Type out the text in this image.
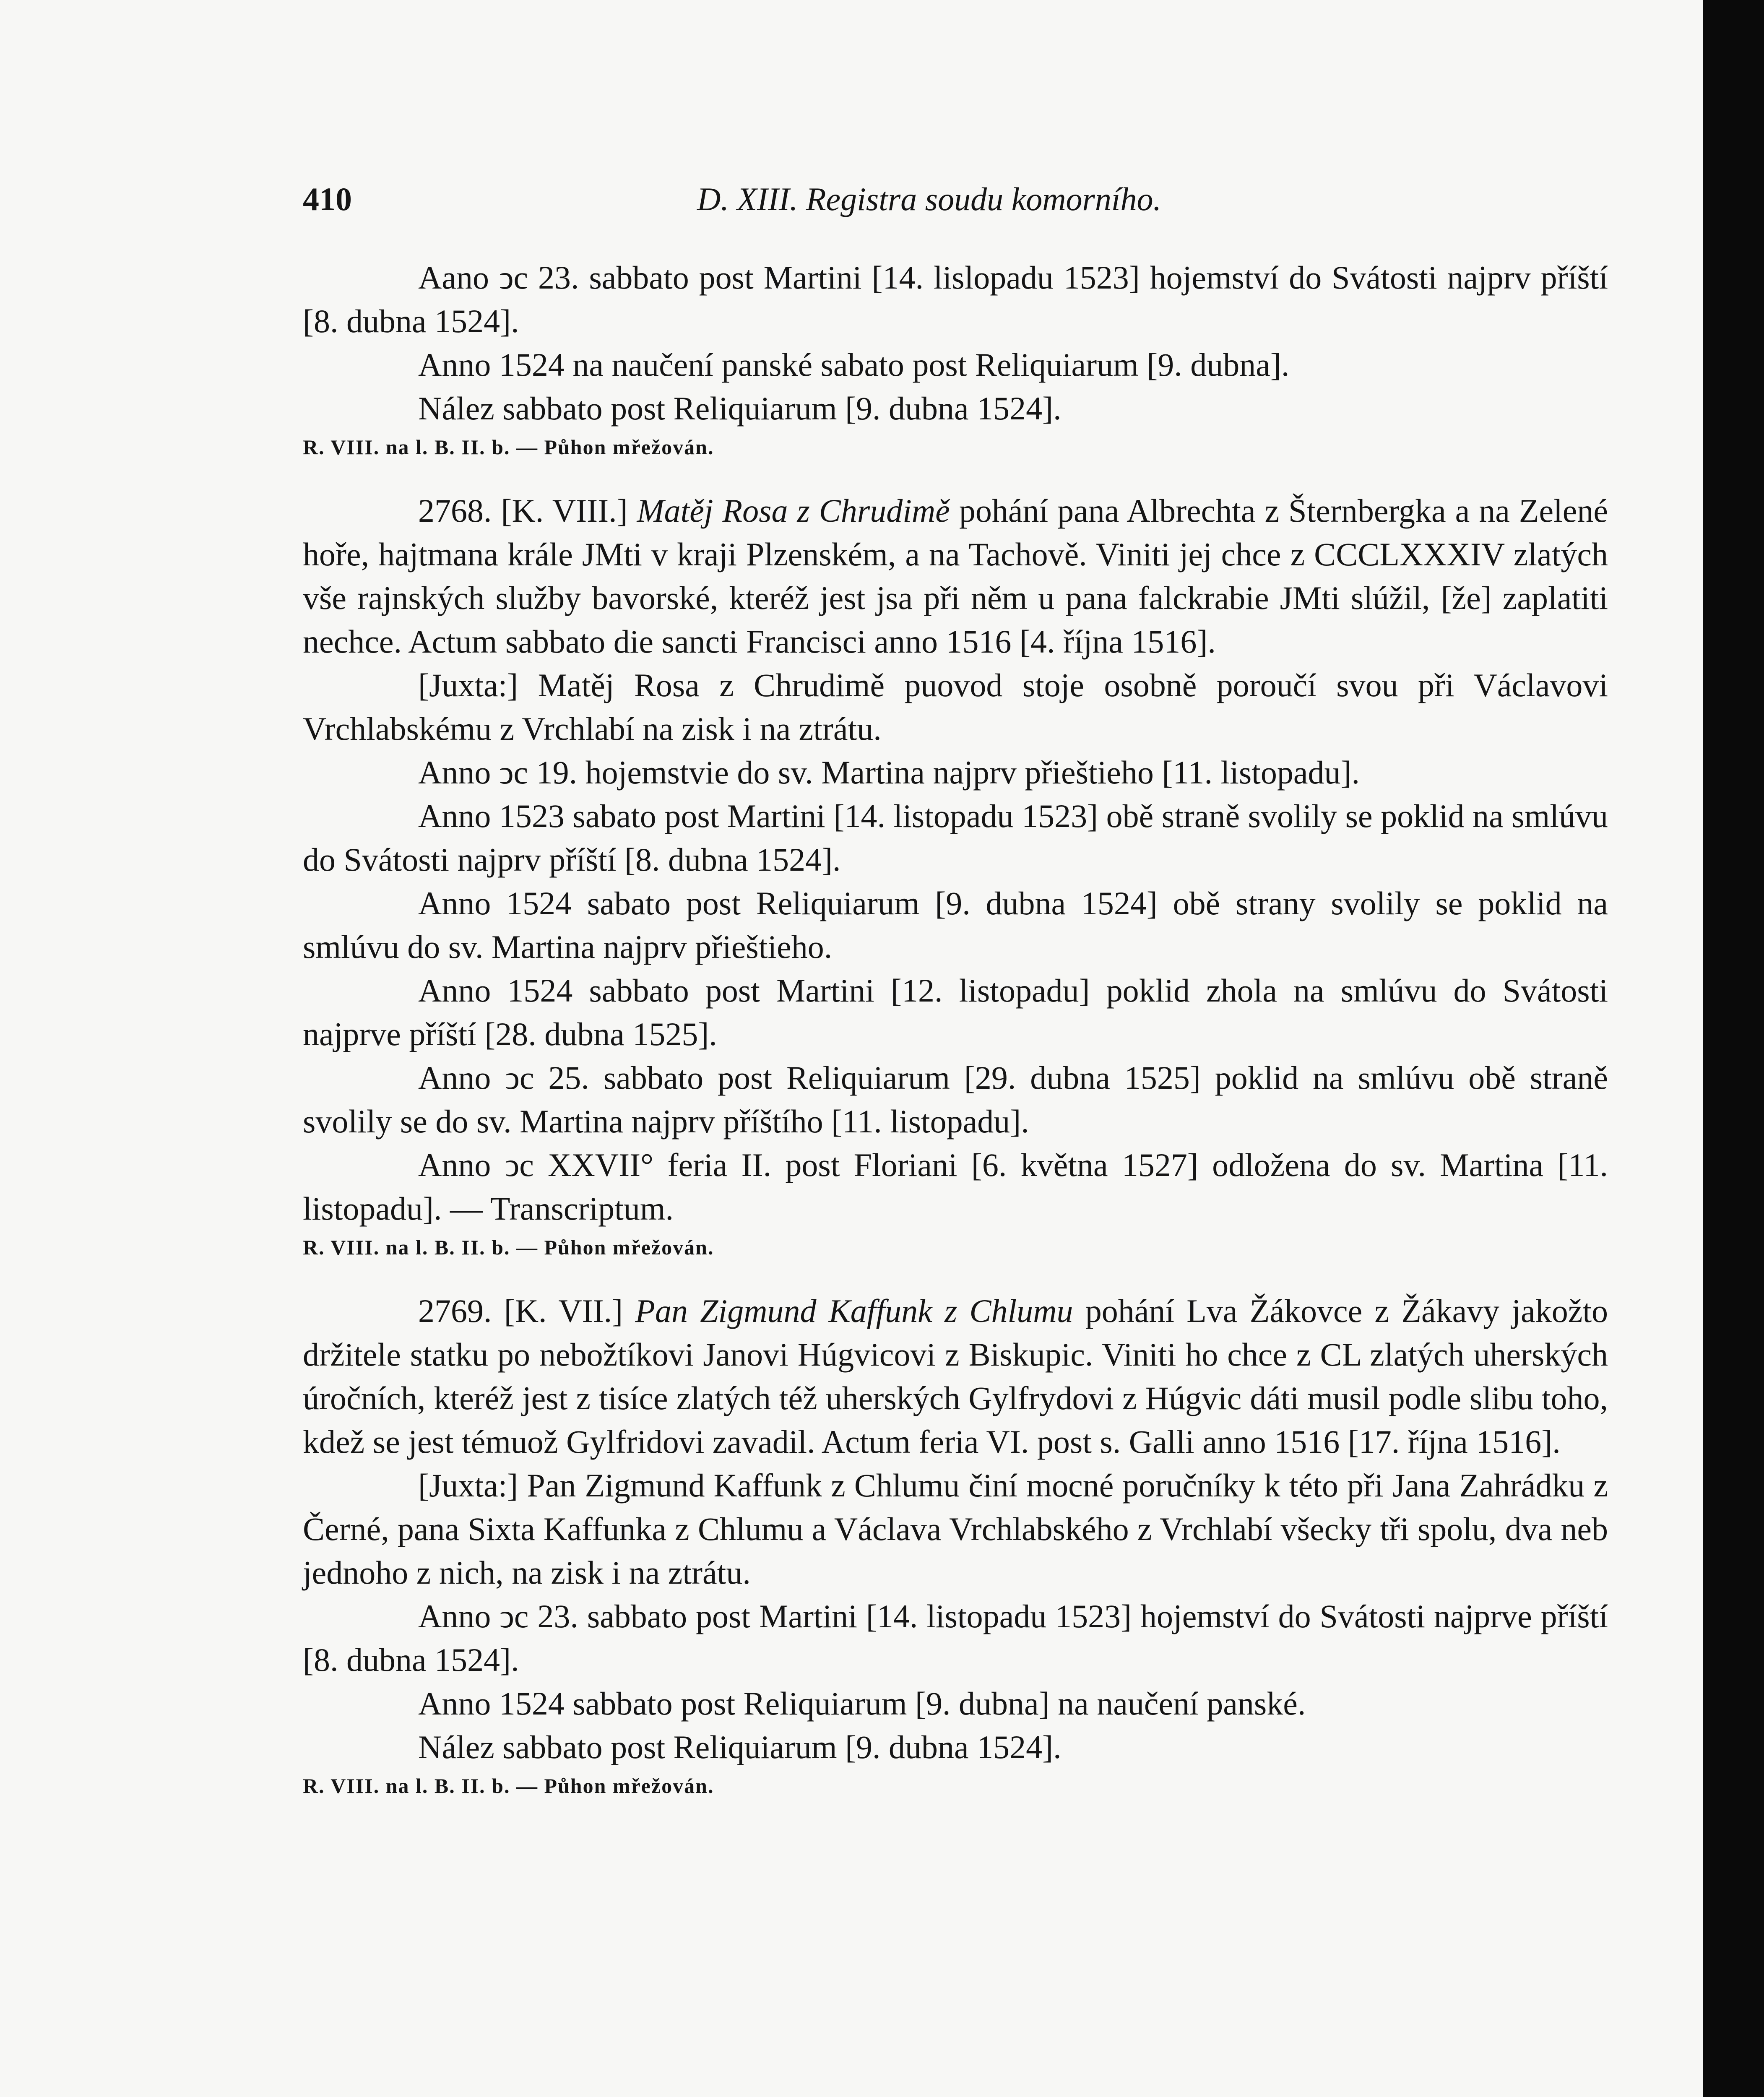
410	D. XIII. Registra soudu komorního.

Aano ↄc 23. sabbato post Martini [14. lislopadu 1523] hojemství do Svátosti najprv příští [8. dubna 1524].

Anno 1524 na naučení panské sabato post Reliquiarum [9. dubna].

Nález sabbato post Reliquiarum [9. dubna 1524].

R. VIII. na l. B. II. b. — Půhon mřežován.

2768. [K. VIII.] Matěj Rosa z Chrudimě pohání pana Albrechta z Šternbergka a na Zelené hoře, hajtmana krále JMti v kraji Plzenském, a na Tachově. Viniti jej chce z CCCLXXXIV zlatých vše rajnských služby bavorské, kteréž jest jsa při něm u pana falckrabie JMti slúžil, [že] zaplatiti nechce. Actum sabbato die sancti Francisci anno 1516 [4. října 1516].

[Juxta:] Matěj Rosa z Chrudimě puovod stoje osobně poroučí svou při Václavovi Vrchlabskému z Vrchlabí na zisk i na ztrátu.

Anno ↄc 19. hojemstvie do sv. Martina najprv přieštieho [11. listopadu].

Anno 1523 sabato post Martini [14. listopadu 1523] obě straně svolily se poklid na smlúvu do Svátosti najprv příští [8. dubna 1524].

Anno 1524 sabato post Reliquiarum [9. dubna 1524] obě strany svolily se poklid na smlúvu do sv. Martina najprv přieštieho.

Anno 1524 sabbato post Martini [12. listopadu] poklid zhola na smlúvu do Svátosti najprve příští [28. dubna 1525].

Anno ↄc 25. sabbato post Reliquiarum [29. dubna 1525] poklid na smlúvu obě straně svolily se do sv. Martina najprv příštího [11. listopadu].

Anno ↄc XXVII° feria II. post Floriani [6. května 1527] odložena do sv. Martina [11. listopadu]. — Transcriptum.

R. VIII. na l. B. II. b. — Půhon mřežován.

2769. [K. VII.] Pan Zigmund Kaffunk z Chlumu pohání Lva Žákovce z Žákavy jakožto držitele statku po nebožtíkovi Janovi Húgvicovi z Biskupic. Viniti ho chce z CL zlatých uherských úročních, kteréž jest z tisíce zlatých též uherských Gylfrydovi z Húgvic dáti musil podle slibu toho, kdež se jest témuož Gylfridovi zavadil. Actum feria VI. post s. Galli anno 1516 [17. října 1516].

[Juxta:] Pan Zigmund Kaffunk z Chlumu činí mocné poručníky k této při Jana Zahrádku z Černé, pana Sixta Kaffunka z Chlumu a Václava Vrchlabského z Vrchlabí všecky tři spolu, dva neb jednoho z nich, na zisk i na ztrátu.

Anno ↄc 23. sabbato post Martini [14. listopadu 1523] hojemství do Svátosti najprve příští [8. dubna 1524].

Anno 1524 sabbato post Reliquiarum [9. dubna] na naučení panské.

Nález sabbato post Reliquiarum [9. dubna 1524].

R. VIII. na l. B. II. b. — Půhon mřežován.
